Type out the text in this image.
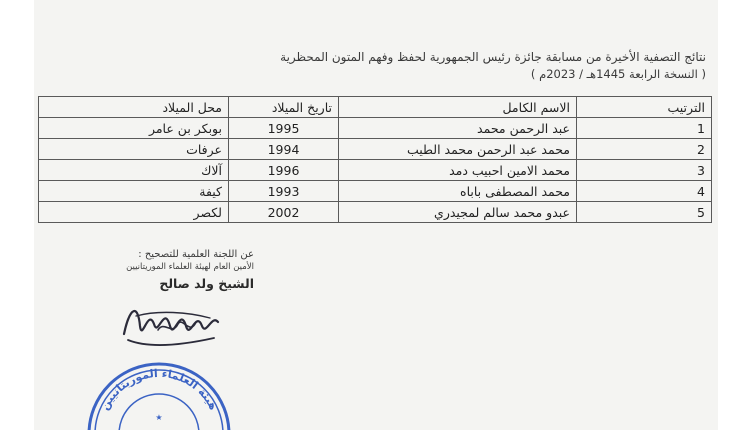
نتائج التصفية الأخيرة من مسابقة جائزة رئيس الجمهورية لحفظ وفهم المتون المحظرية
( النسخة الرابعة 1445هـ / 2023م )
الترتيب	الاسم الكامل	تاريخ الميلاد	محل الميلاد
1	عبد الرحمن محمد	1995	بوبكر بن عامر
2	محمد عبد الرحمن محمد الطيب	1994	عرفات
3	محمد الامين احبيب دمد	1996	آلاك
4	محمد المصطفى باباه	1993	كيفة
5	عبدو محمد سالم لمجيدري	2002	لكصر
عن اللجنة العلمية للتصحيح :
الأمين العام لهيئة العلماء الموريتانيين
الشيخ ولد صالح
هيئة العلماء الموريتانيين
★
